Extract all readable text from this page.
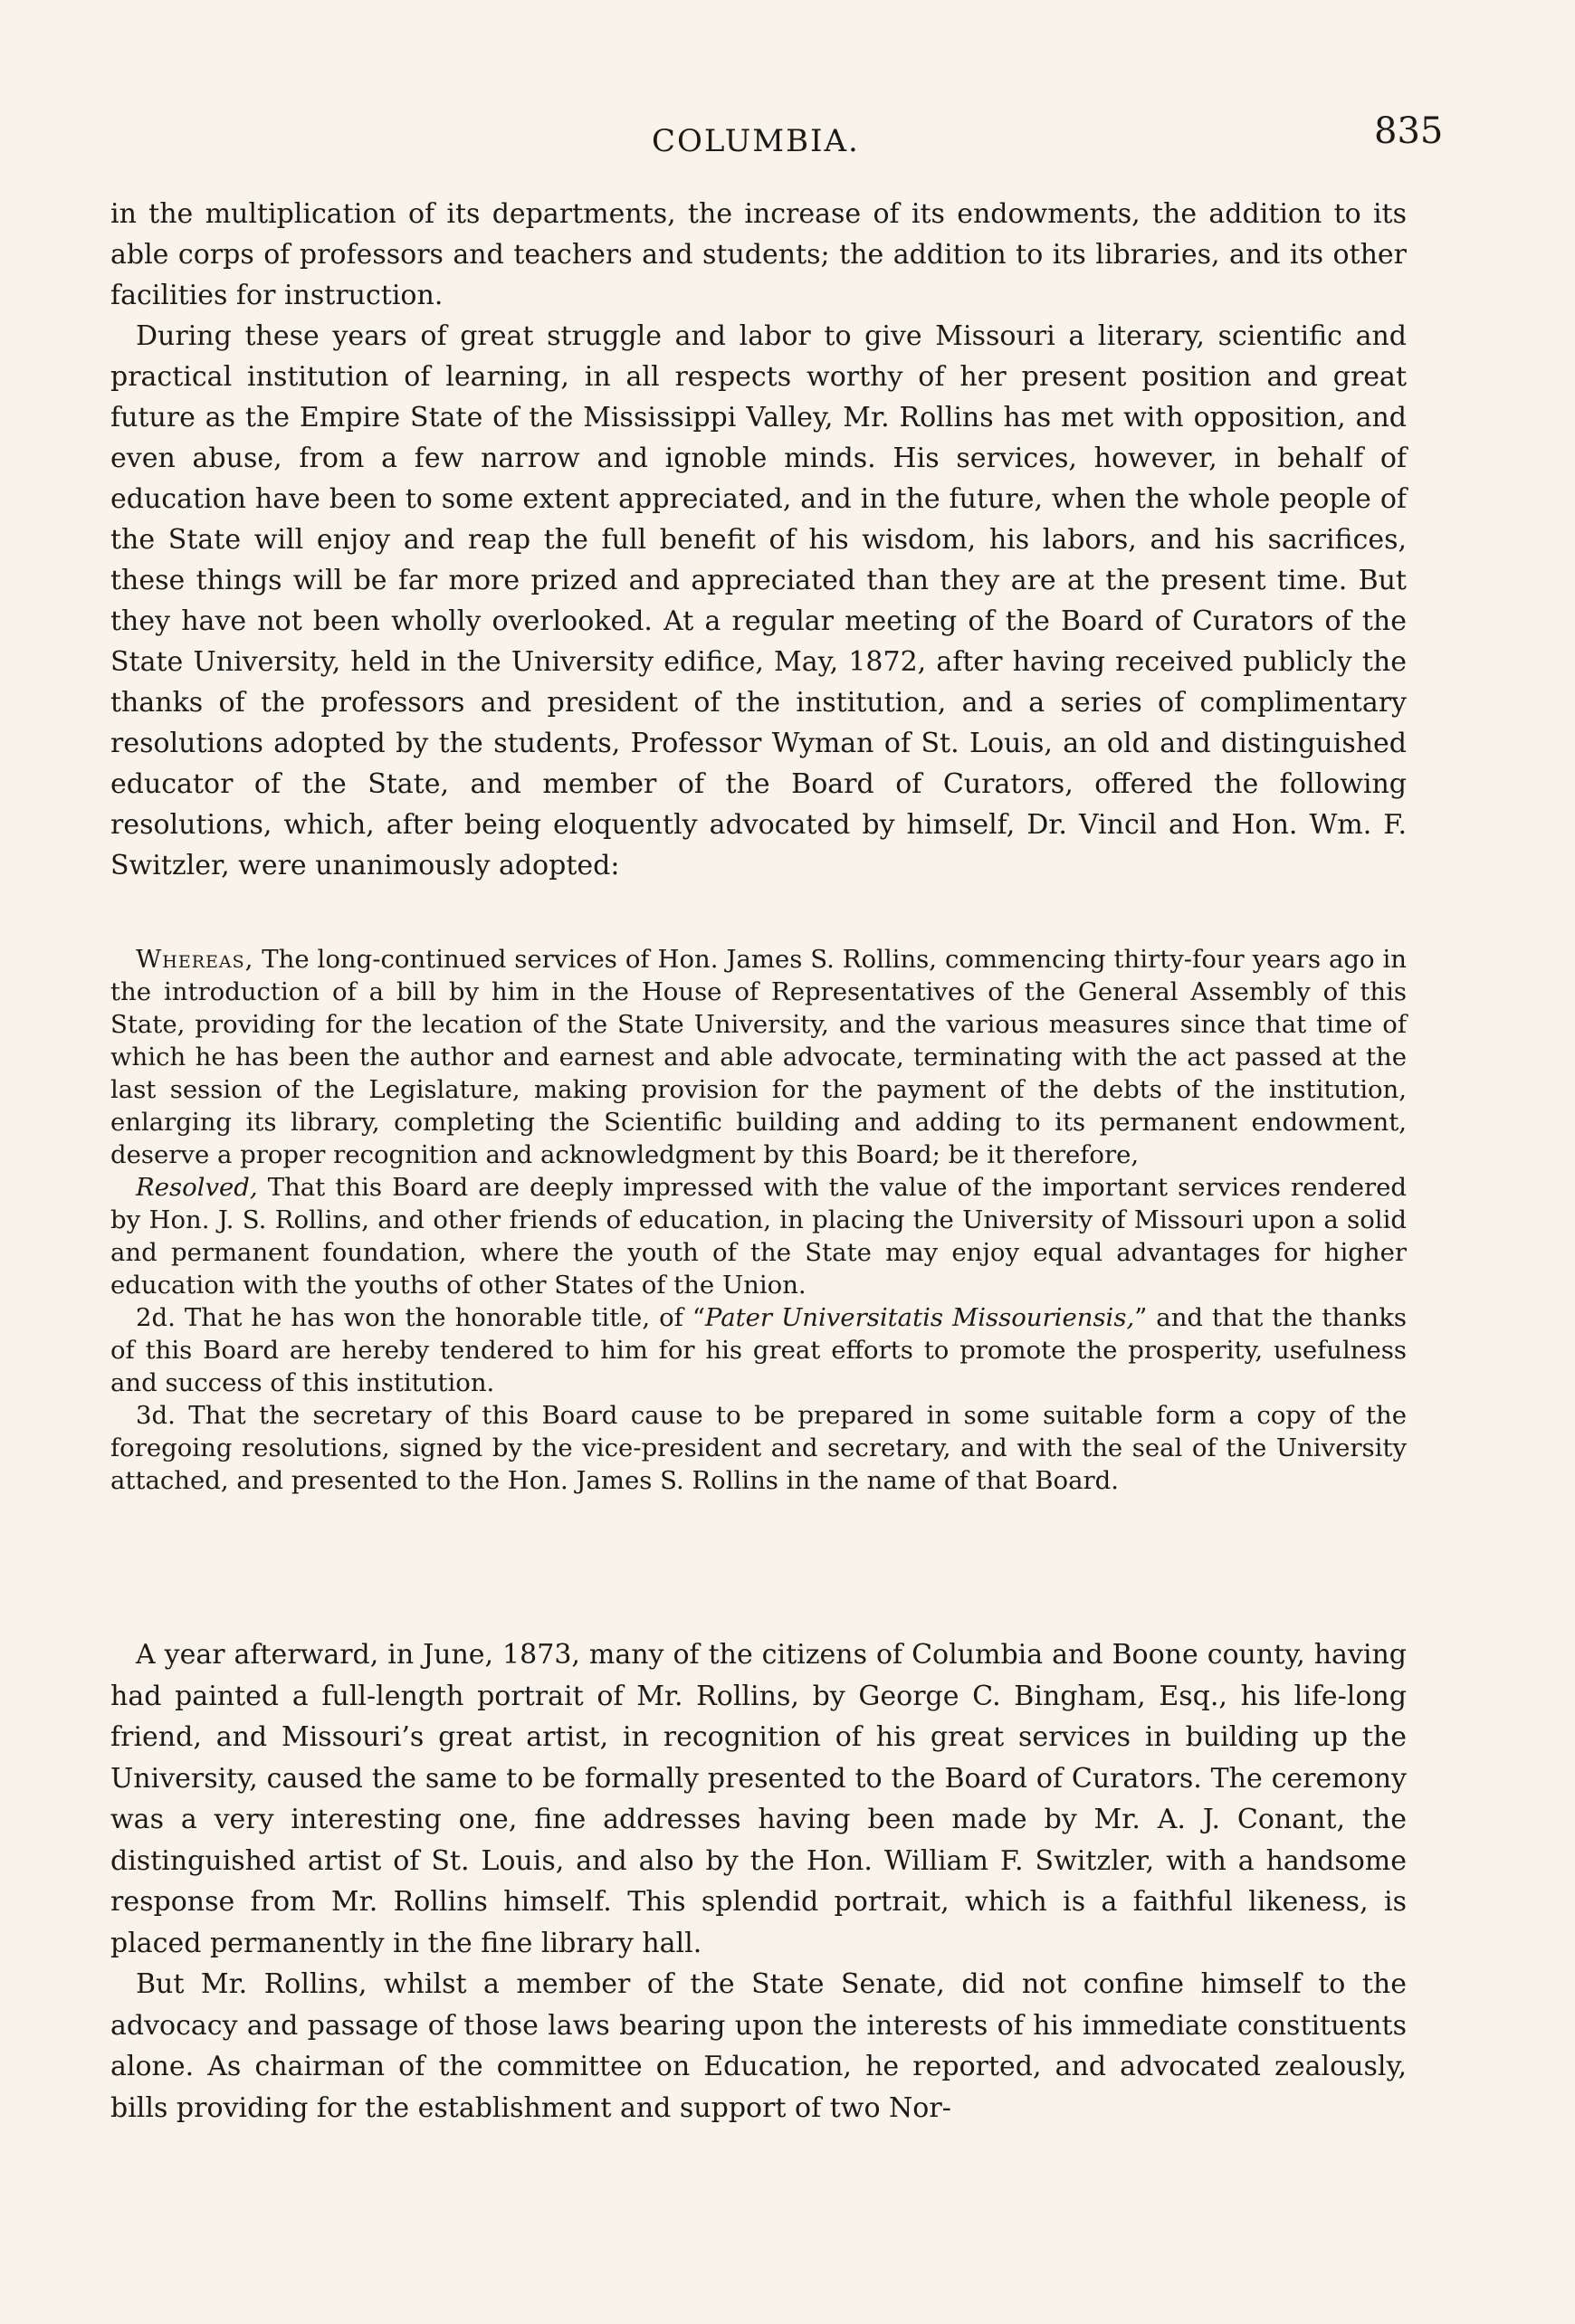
COLUMBIA.	835

in the multiplication of its departments, the increase of its endowments, the addition to its able corps of professors and teachers and students; the addition to its libraries, and its other facilities for instruction.

During these years of great struggle and labor to give Missouri a literary, scientific and practical institution of learning, in all respects worthy of her present position and great future as the Empire State of the Mississippi Valley, Mr. Rollins has met with opposition, and even abuse, from a few narrow and ignoble minds. His services, however, in behalf of education have been to some extent appreciated, and in the future, when the whole people of the State will enjoy and reap the full benefit of his wisdom, his labors, and his sacrifices, these things will be far more prized and appreciated than they are at the present time. But they have not been wholly overlooked. At a regular meeting of the Board of Curators of the State University, held in the University edifice, May, 1872, after having received publicly the thanks of the professors and president of the institution, and a series of complimentary resolutions adopted by the students, Professor Wyman of St. Louis, an old and distinguished educator of the State, and member of the Board of Curators, offered the following resolutions, which, after being eloquently advocated by himself, Dr. Vincil and Hon. Wm. F. Switzler, were unanimously adopted:

Whereas, The long-continued services of Hon. James S. Rollins, commencing thirty-four years ago in the introduction of a bill by him in the House of Representatives of the General Assembly of this State, providing for the lecation of the State University, and the various measures since that time of which he has been the author and earnest and able advocate, terminating with the act passed at the last session of the Legislature, making provision for the payment of the debts of the institution, enlarging its library, completing the Scientific building and adding to its permanent endowment, deserve a proper recognition and acknowledgment by this Board; be it therefore,

Resolved, That this Board are deeply impressed with the value of the important services rendered by Hon. J. S. Rollins, and other friends of education, in placing the University of Missouri upon a solid and permanent foundation, where the youth of the State may enjoy equal advantages for higher education with the youths of other States of the Union.

2d. That he has won the honorable title, of “Pater Universitatis Missouriensis,” and that the thanks of this Board are hereby tendered to him for his great efforts to promote the prosperity, usefulness and success of this institution.

3d. That the secretary of this Board cause to be prepared in some suitable form a copy of the foregoing resolutions, signed by the vice-president and secretary, and with the seal of the University attached, and presented to the Hon. James S. Rollins in the name of that Board.

A year afterward, in June, 1873, many of the citizens of Columbia and Boone county, having had painted a full-length portrait of Mr. Rollins, by George C. Bingham, Esq., his life-long friend, and Missouri’s great artist, in recognition of his great services in building up the University, caused the same to be formally presented to the Board of Curators. The ceremony was a very interesting one, fine addresses having been made by Mr. A. J. Conant, the distinguished artist of St. Louis, and also by the Hon. William F. Switzler, with a handsome response from Mr. Rollins himself. This splendid portrait, which is a faithful likeness, is placed permanently in the fine library hall.

But Mr. Rollins, whilst a member of the State Senate, did not confine himself to the advocacy and passage of those laws bearing upon the interests of his immediate constituents alone. As chairman of the committee on Education, he reported, and advocated zealously, bills providing for the establishment and support of two Nor-
